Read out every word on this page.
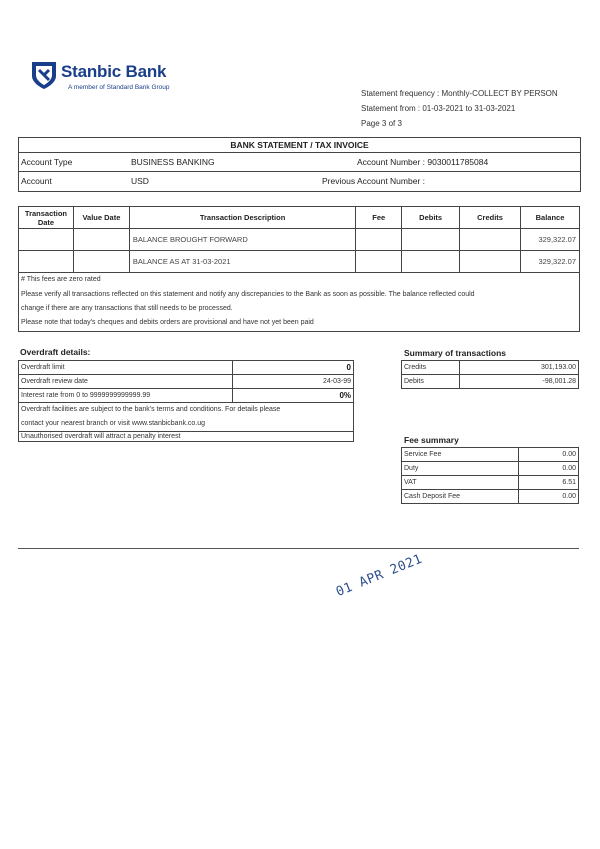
Stanbic Bank
A member of Standard Bank Group
Statement frequency : Monthly-COLLECT BY PERSON
Statement from : 01-03-2021 to 31-03-2021
Page 3 of 3
BANK STATEMENT / TAX INVOICE
Account Type	BUSINESS BANKING	Account Number : 9030011785084
Account	USD	Previous Account Number :
Transaction Date	Value Date	Transaction Description	Fee	Debits	Credits	Balance
		BALANCE BROUGHT FORWARD				329,322.07
		BALANCE AS AT 31-03-2021				329,322.07
# This fees are zero rated
Please verify all transactions reflected on this statement and notify any discrepancies to the Bank as soon as possible. The balance reflected could
change if there are any transactions that still needs to be processed.
Please note that today's cheques and debits orders are provisional and have not yet been paid
Overdraft details:
Overdraft limit	0
Overdraft review date	24-03-99
Interest rate from 0 to 9999999999999.99	0%
Overdraft facilities are subject to the bank's terms and conditions. For details please
contact your nearest branch or visit www.stanbicbank.co.ug
Unauthorised overdraft will attract a penalty interest
Summary of transactions
Credits	301,193.00
Debits	-98,001.28
Fee summary
Service Fee	0.00
Duty	0.00
VAT	6.51
Cash Deposit Fee	0.00
01 APR 2021
